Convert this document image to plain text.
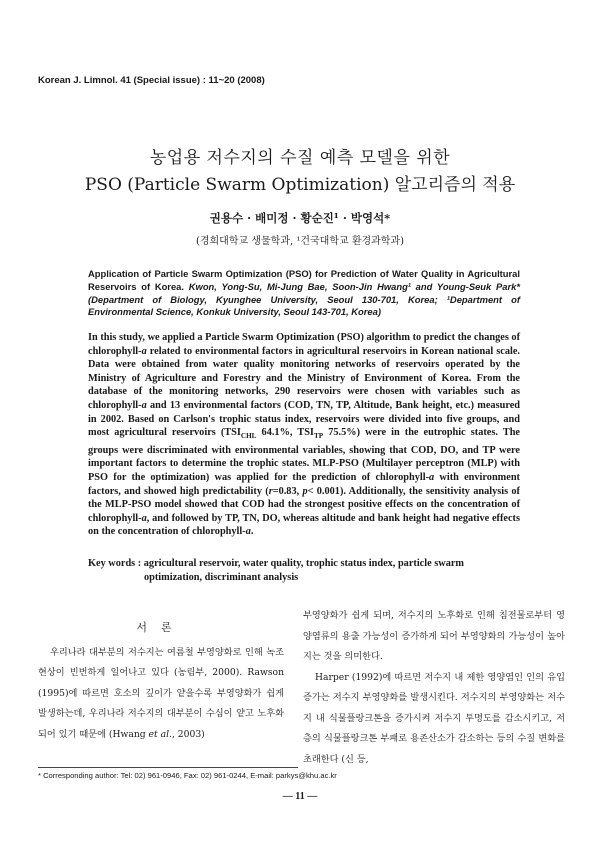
Korean J. Limnol. 41 (Special issue) : 11~20 (2008)
농업용 저수지의 수질 예측 모델을 위한
PSO (Particle Swarm Optimization) 알고리즘의 적용
권용수 · 배미정 · 황순진¹ · 박영석*
(경희대학교 생물학과, ¹건국대학교 환경과학과)
Application of Particle Swarm Optimization (PSO) for Prediction of Water Quality in Agricultural Reservoirs of Korea. Kwon, Yong-Su, Mi-Jung Bae, Soon-Jin Hwang¹ and Young-Seuk Park* (Department of Biology, Kyunghee University, Seoul 130-701, Korea; ¹Department of Environmental Science, Konkuk University, Seoul 143-701, Korea)
In this study, we applied a Particle Swarm Optimization (PSO) algorithm to predict the changes of chlorophyll-a related to environmental factors in agricultural reservoirs in Korean national scale. Data were obtained from water quality monitoring networks of reservoirs operated by the Ministry of Agriculture and Forestry and the Ministry of Environment of Korea. From the database of the monitoring networks, 290 reservoirs were chosen with variables such as chlorophyll-a and 13 environmental factors (COD, TN, TP, Altitude, Bank height, etc.) measured in 2002. Based on Carlson's trophic status index, reservoirs were divided into five groups, and most agricultural reservoirs ($TSI_{CHL}$ 64.1%, $TSI_{TP}$ 75.5%) were in the eutrophic states. The groups were discriminated with environmental variables, showing that COD, DO, and TP were important factors to determine the trophic states. MLP-PSO (Multilayer perceptron (MLP) with PSO for the optimization) was applied for the prediction of chlorophyll-a with environment factors, and showed high predictability (r=0.83, p< 0.001). Additionally, the sensitivity analysis of the MLP-PSO model showed that COD had the strongest positive effects on the concentration of chlorophyll-a, and followed by TP, TN, DO, whereas altitude and bank height had negative effects on the concentration of chlorophyll-a.
Key words : agricultural reservoir, water quality, trophic status index, particle swarm
optimization, discriminant analysis
서론

우리나라 대부분의 저수지는 여름철 부영양화로 인해 녹조현상이 빈번하게 일어나고 있다 (농림부, 2000). Rawson (1995)에 따르면 호소의 깊이가 얕을수록 부영양화가 쉽게 발생하는데, 우리나라 저수지의 대부분이 수심이 얕고 노후화되어 있기 때문에 (Hwang et al., 2003)

부영양화가 쉽게 되며, 저수지의 노후화로 인해 침전물로부터 영양염류의 용출 가능성이 증가하게 되어 부영양화의 가능성이 높아지는 것을 의미한다.

Harper (1992)에 따르면 저수지 내 제한 영양염인 인의 유입 증가는 저수지 부영양화를 발생시킨다. 저수지의 부영양화는 저수지 내 식물플랑크톤을 증가시켜 저수지 투명도를 감소시키고, 저층의 식물플랑크톤 부패로 용존산소가 감소하는 등의 수질 변화를 초래한다 (신 등,

* Corresponding author: Tel: 02) 961-0946, Fax: 02) 961-0244, E-mail: parkys@khu.ac.kr
— 11 —
